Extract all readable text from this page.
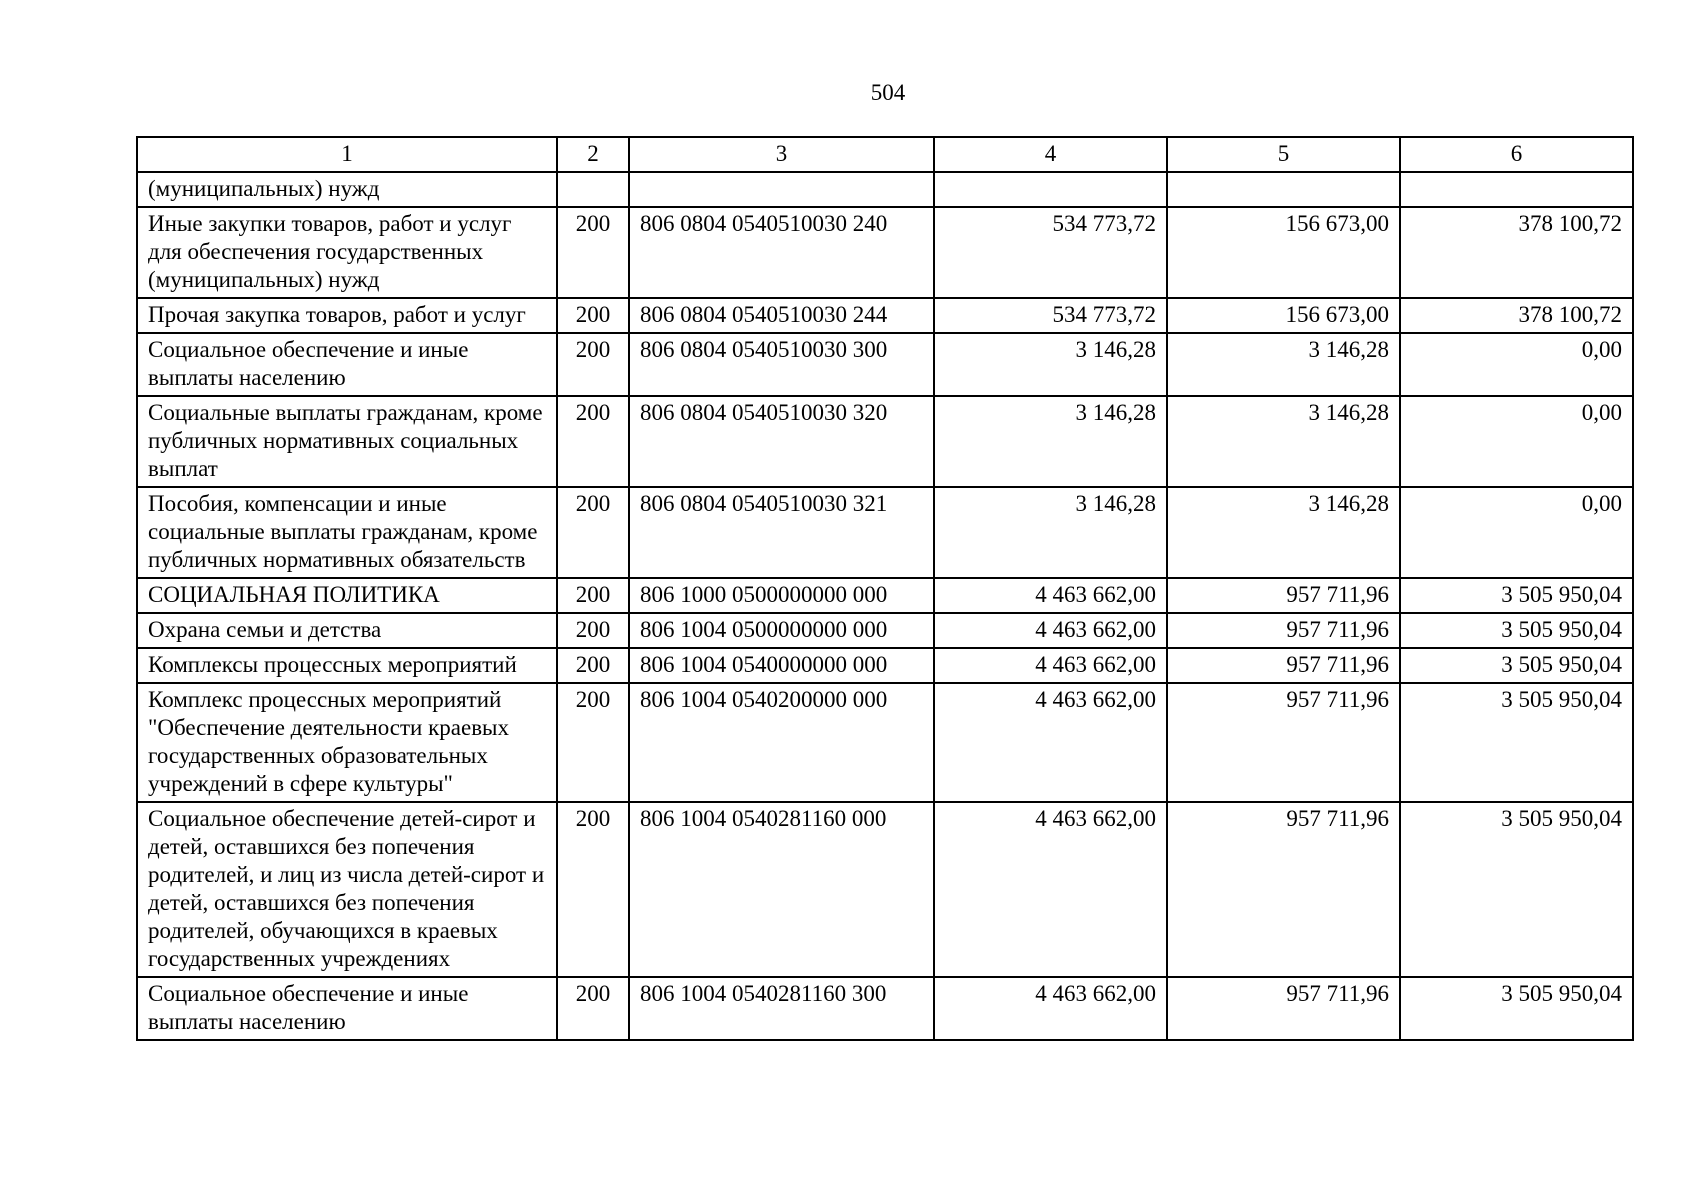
504
1	2	3	4	5	6
(муниципальных) нужд					
Иные закупки товаров, работ и услуг для обеспечения государственных (муниципальных) нужд	200	806 0804 0540510030 240	534 773,72	156 673,00	378 100,72
Прочая закупка товаров, работ и услуг	200	806 0804 0540510030 244	534 773,72	156 673,00	378 100,72
Социальное обеспечение и иные выплаты населению	200	806 0804 0540510030 300	3 146,28	3 146,28	0,00
Социальные выплаты гражданам, кроме публичных нормативных социальных выплат	200	806 0804 0540510030 320	3 146,28	3 146,28	0,00
Пособия, компенсации и иные социальные выплаты гражданам, кроме публичных нормативных обязательств	200	806 0804 0540510030 321	3 146,28	3 146,28	0,00
СОЦИАЛЬНАЯ ПОЛИТИКА	200	806 1000 0500000000 000	4 463 662,00	957 711,96	3 505 950,04
Охрана семьи и детства	200	806 1004 0500000000 000	4 463 662,00	957 711,96	3 505 950,04
Комплексы процессных мероприятий	200	806 1004 0540000000 000	4 463 662,00	957 711,96	3 505 950,04
Комплекс процессных мероприятий "Обеспечение деятельности краевых государственных образовательных учреждений в сфере культуры"	200	806 1004 0540200000 000	4 463 662,00	957 711,96	3 505 950,04
Социальное обеспечение детей-сирот и детей, оставшихся без попечения родителей, и лиц из числа детей-сирот и детей, оставшихся без попечения родителей, обучающихся в краевых государственных учреждениях	200	806 1004 0540281160 000	4 463 662,00	957 711,96	3 505 950,04
Социальное обеспечение и иные выплаты населению	200	806 1004 0540281160 300	4 463 662,00	957 711,96	3 505 950,04
